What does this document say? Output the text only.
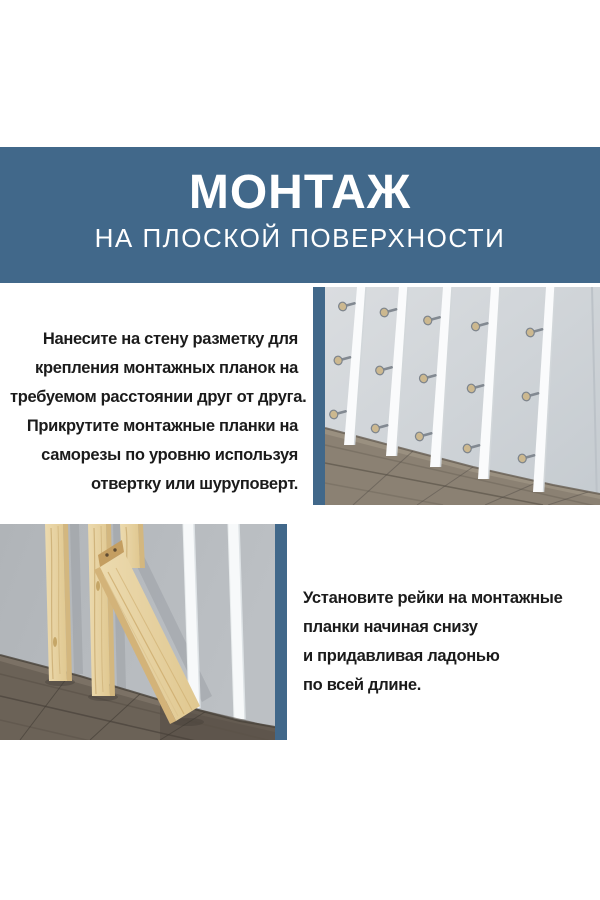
МОНТАЖ
НА ПЛОСКОЙ ПОВЕРХНОСТИ
Нанесите на стену разметку для
крепления монтажных планок на
требуемом расстоянии друг от друга.
Прикрутите монтажные планки на
саморезы по уровню используя
отвертку или шуруповерт.
Установите рейки на монтажные
планки начиная снизу
и придавливая ладонью
по всей длине.
